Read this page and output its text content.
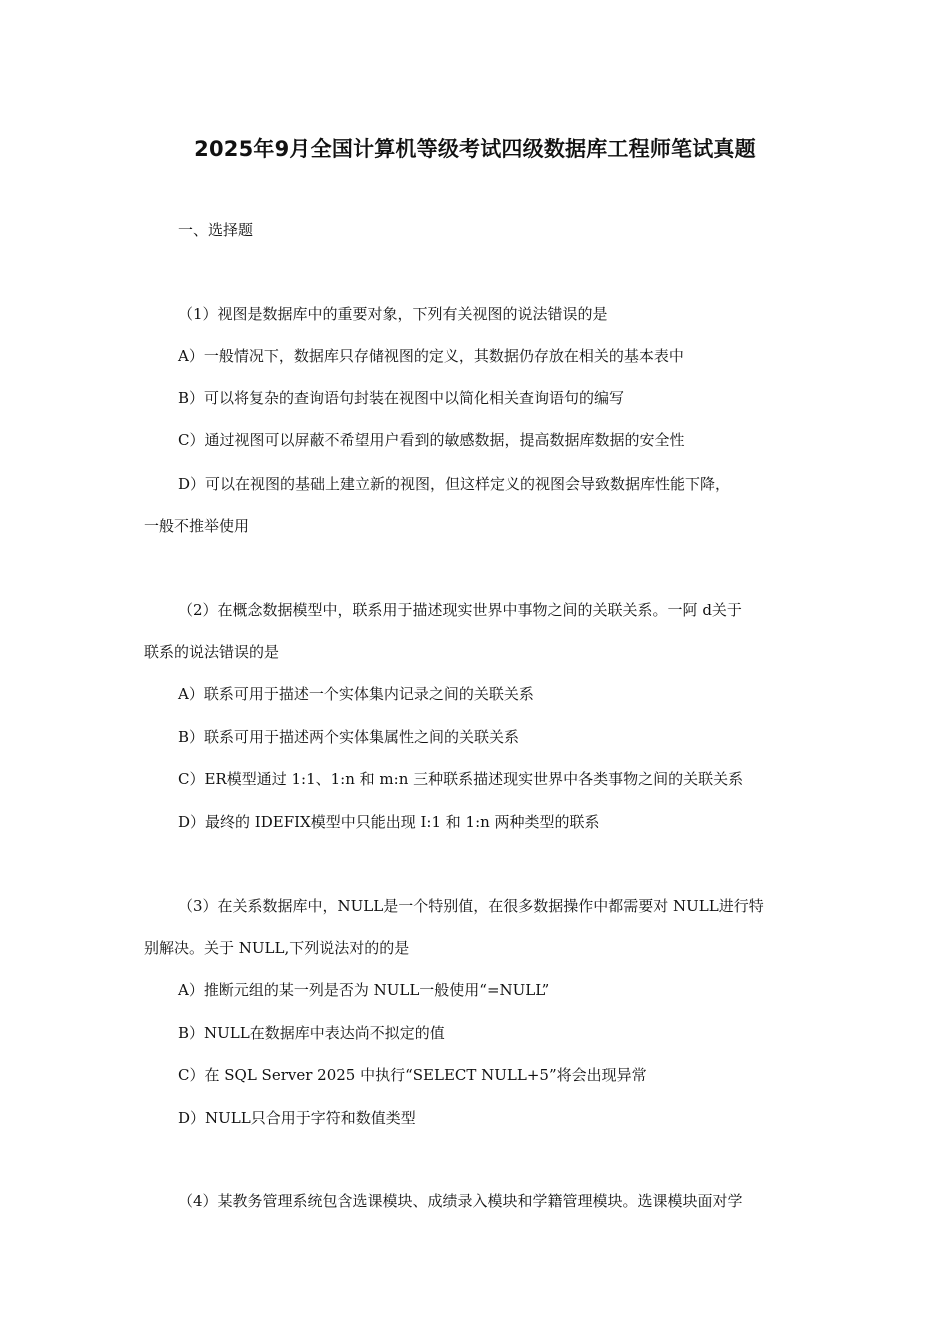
2025年9月全国计算机等级考试四级数据库工程师笔试真题
一、选择题
（1）视图是数据库中的重要对象，下列有关视图的说法错误的是
A）一般情况下，数据库只存储视图的定义，其数据仍存放在相关的基本表中
B）可以将复杂的查询语句封装在视图中以简化相关查询语句的编写
C）通过视图可以屏蔽不希望用户看到的敏感数据，提高数据库数据的安全性
D）可以在视图的基础上建立新的视图，但这样定义的视图会导致数据库性能下降，
一般不推举使用
（2）在概念数据模型中，联系用于描述现实世界中事物之间的关联关系。一阿 d关于
联系的说法错误的是
A）联系可用于描述一个实体集内记录之间的关联关系
B）联系可用于描述两个实体集属性之间的关联关系
C）ER模型通过 1:1、1:n 和 m:n 三种联系描述现实世界中各类事物之间的关联关系
D）最终的 IDEFIX模型中只能出现 I:1 和 1:n 两种类型的联系
（3）在关系数据库中，NULL是一个特别值，在很多数据操作中都需要对 NULL进行特
别解决。关于 NULL,下列说法对的的是
A）推断元组的某一列是否为 NULL一般使用“=NULL”
B）NULL在数据库中表达尚不拟定的值
C）在 SQL Server 2025 中执行“SELECT NULL+5”将会出现异常
D）NULL只合用于字符和数值类型
（4）某教务管理系统包含选课模块、成绩录入模块和学籍管理模块。选课模块面对学
